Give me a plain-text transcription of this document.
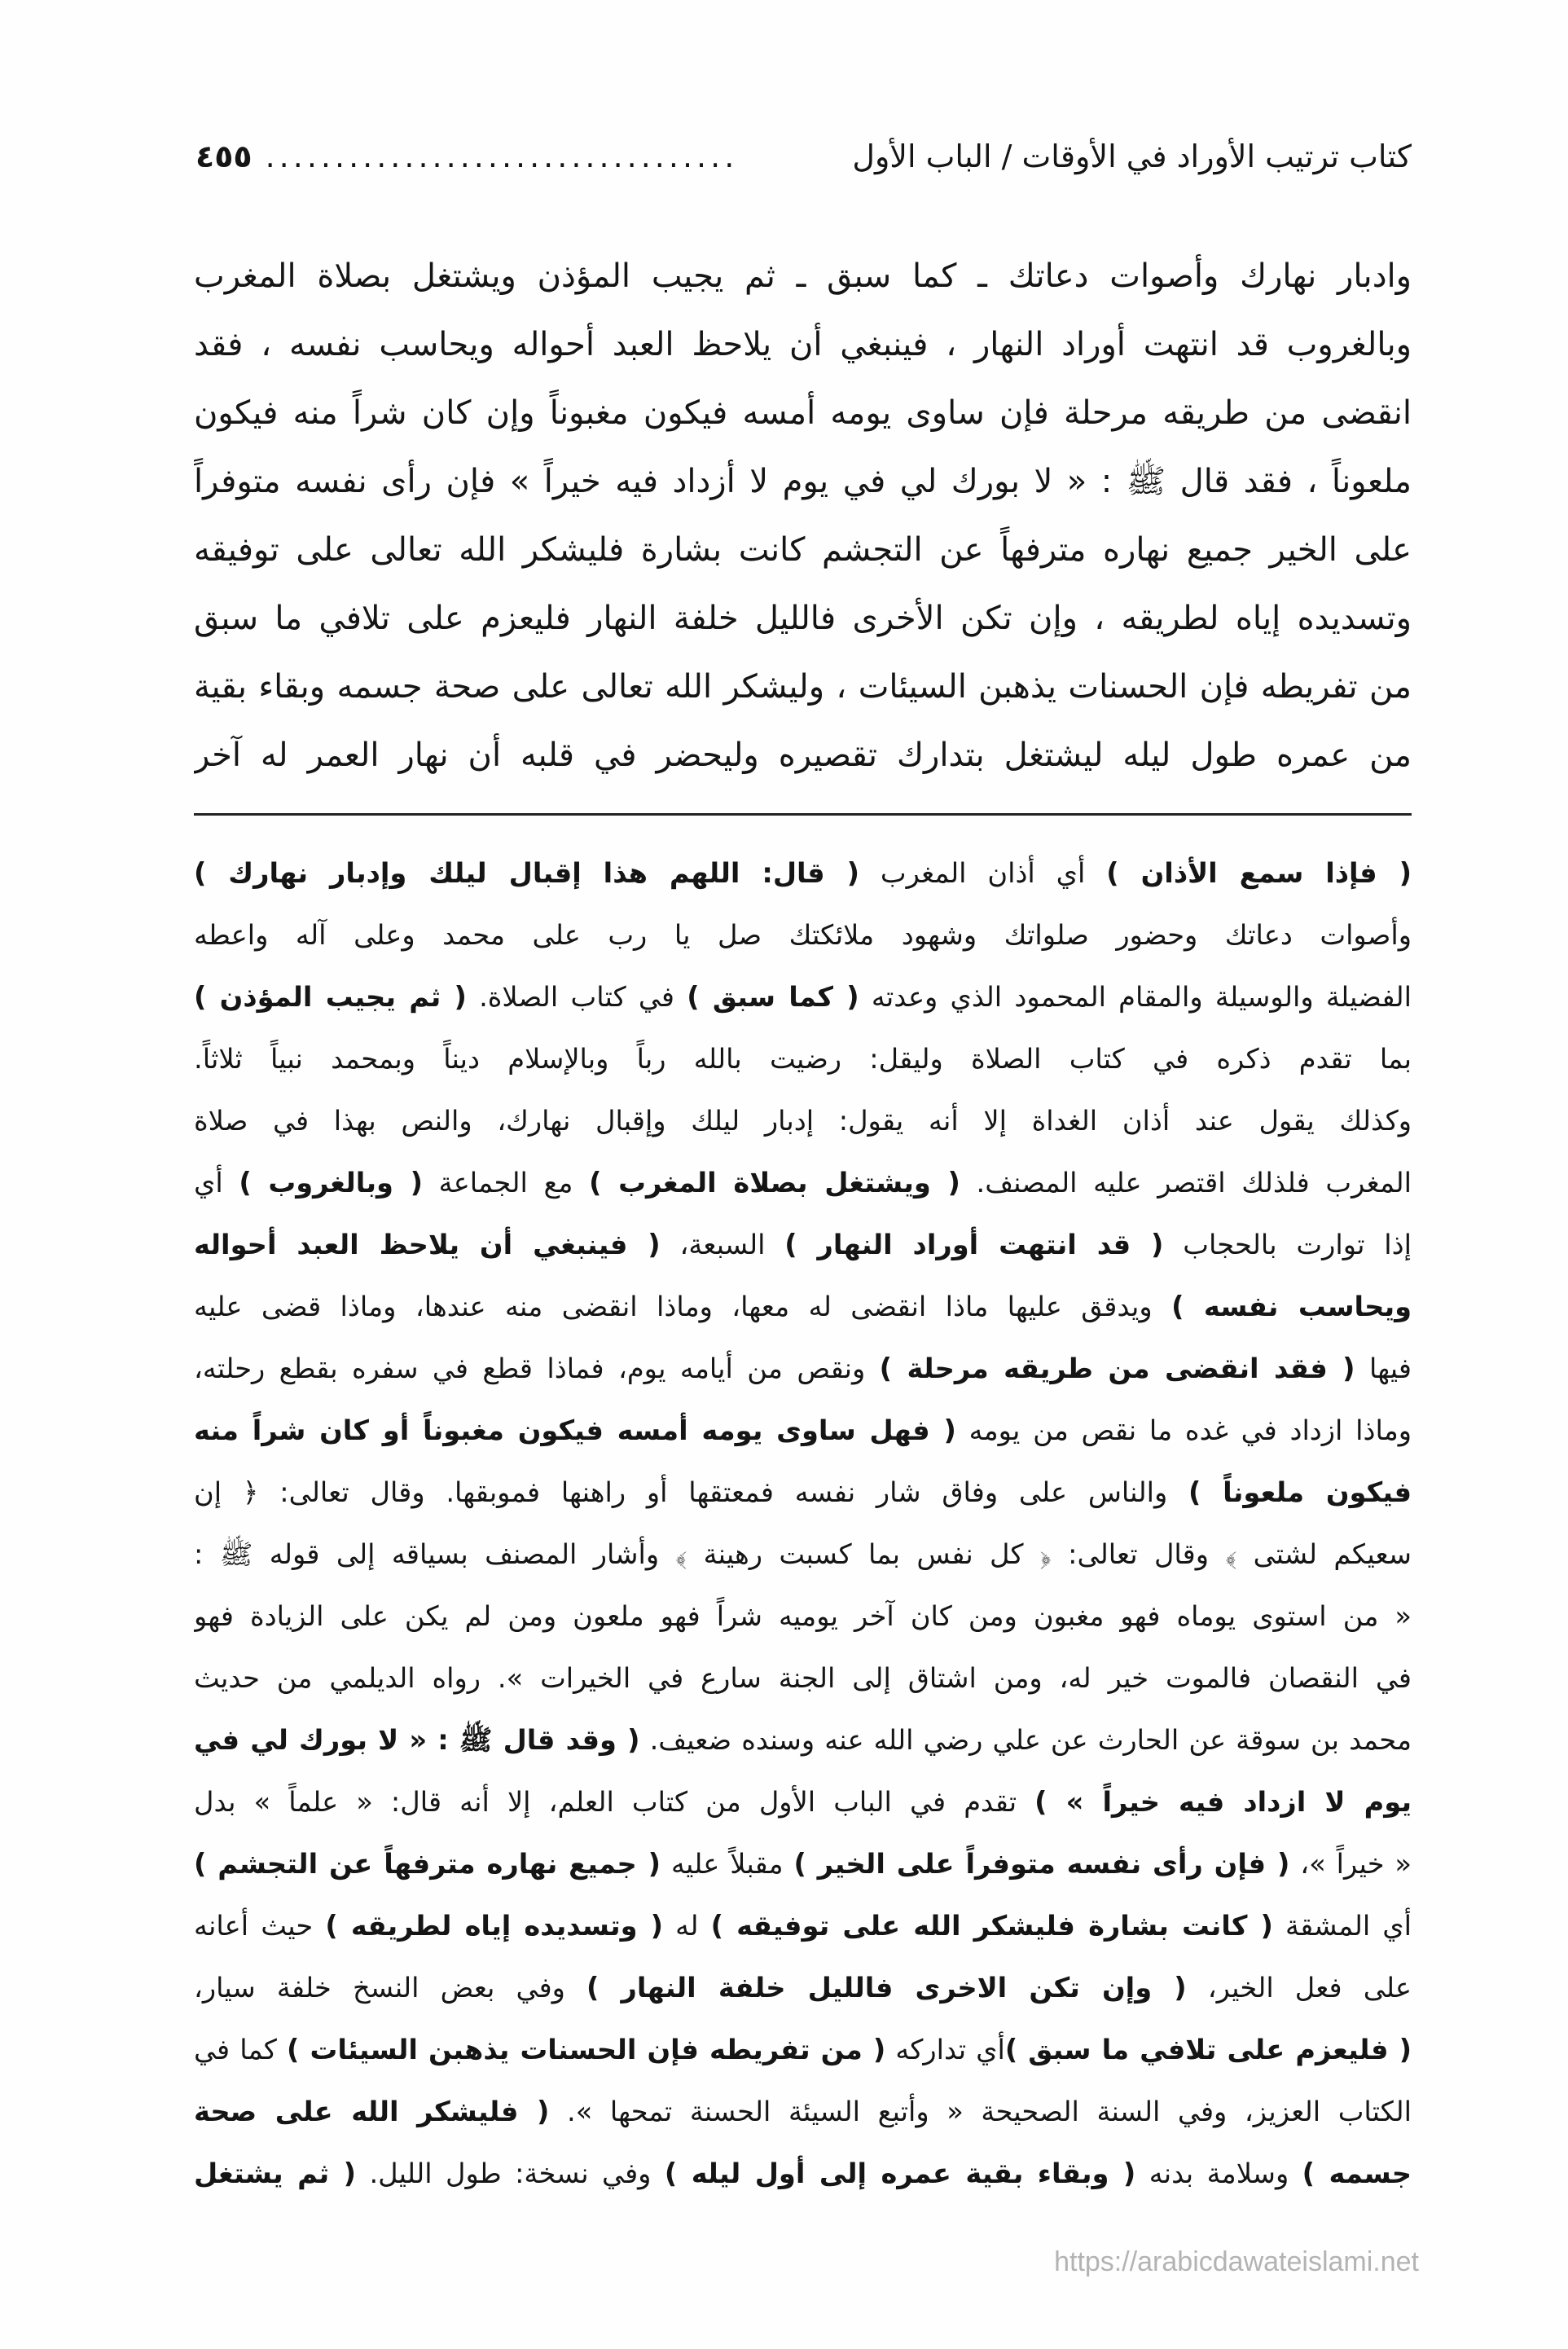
كتاب ترتيب الأوراد في الأوقات / الباب الأول
..................................
٤٥٥
وادبار نهارك وأصوات دعاتك ـ كما سبق ـ ثم يجيب المؤذن ويشتغل بصلاة المغرب
وبالغروب قد انتهت أوراد النهار ، فينبغي أن يلاحظ العبد أحواله ويحاسب نفسه ، فقد
انقضى من طريقه مرحلة فإن ساوى يومه أمسه فيكون مغبوناً وإن كان شراً منه فيكون
ملعوناً ، فقد قال ﷺ : « لا بورك لي في يوم لا أزداد فيه خيراً » فإن رأى نفسه متوفراً
على الخير جميع نهاره مترفهاً عن التجشم كانت بشارة فليشكر الله تعالى على توفيقه
وتسديده إياه لطريقه ، وإن تكن الأخرى فالليل خلفة النهار فليعزم على تلافي ما سبق
من تفريطه فإن الحسنات يذهبن السيئات ، وليشكر الله تعالى على صحة جسمه وبقاء بقية
من عمره طول ليله ليشتغل بتدارك تقصيره وليحضر في قلبه أن نهار العمر له آخر
( فإذا سمع الأذان ) أي أذان المغرب ( قال: اللهم هذا إقبال ليلك وإدبار نهارك )
وأصوات دعاتك وحضور صلواتك وشهود ملائكتك صل يا رب على محمد وعلى آله واعطه
الفضيلة والوسيلة والمقام المحمود الذي وعدته ( كما سبق ) في كتاب الصلاة. ( ثم يجيب المؤذن )
بما تقدم ذكره في كتاب الصلاة وليقل: رضيت بالله رباً وبالإسلام ديناً وبمحمد نبياً ثلاثاً.
وكذلك يقول عند أذان الغداة إلا أنه يقول: إدبار ليلك وإقبال نهارك، والنص بهذا في صلاة
المغرب فلذلك اقتصر عليه المصنف. ( ويشتغل بصلاة المغرب ) مع الجماعة ( وبالغروب ) أي
إذا توارت بالحجاب ( قد انتهت أوراد النهار ) السبعة، ( فينبغي أن يلاحظ العبد أحواله
ويحاسب نفسه ) ويدقق عليها ماذا انقضى له معها، وماذا انقضى منه عندها، وماذا قضى عليه
فيها ( فقد انقضى من طريقه مرحلة ) ونقص من أيامه يوم، فماذا قطع في سفره بقطع رحلته،
وماذا ازداد في غده ما نقص من يومه ( فهل ساوى يومه أمسه فيكون مغبوناً أو كان شراً منه
فيكون ملعوناً ) والناس على وفاق شار نفسه فمعتقها أو راهنها فموبقها. وقال تعالى: ﴿ إن
سعيكم لشتى ﴾ وقال تعالى: ﴿ كل نفس بما كسبت رهينة ﴾ وأشار المصنف بسياقه إلى قوله ﷺ :
« من استوى يوماه فهو مغبون ومن كان آخر يوميه شراً فهو ملعون ومن لم يكن على الزيادة فهو
في النقصان فالموت خير له، ومن اشتاق إلى الجنة سارع في الخيرات ». رواه الديلمي من حديث
محمد بن سوقة عن الحارث عن علي رضي الله عنه وسنده ضعيف. ( وقد قال ﷺ : « لا بورك لي في
يوم لا ازداد فيه خيراً » ) تقدم في الباب الأول من كتاب العلم، إلا أنه قال: « علماً » بدل
« خيراً »، ( فإن رأى نفسه متوفراً على الخير ) مقبلاً عليه ( جميع نهاره مترفهاً عن التجشم )
أي المشقة ( كانت بشارة فليشكر الله على توفيقه ) له ( وتسديده إياه لطريقه ) حيث أعانه
على فعل الخير، ( وإن تكن الاخرى فالليل خلفة النهار ) وفي بعض النسخ خلفة سيار،
( فليعزم على تلافي ما سبق )أي تداركه ( من تفريطه فإن الحسنات يذهبن السيئات ) كما في
الكتاب العزيز، وفي السنة الصحيحة « وأتبع السيئة الحسنة تمحها ». ( فليشكر الله على صحة
جسمه ) وسلامة بدنه ( وبقاء بقية عمره إلى أول ليله ) وفي نسخة: طول الليل. ( ثم يشتغل
https://arabicdawateislami.net
